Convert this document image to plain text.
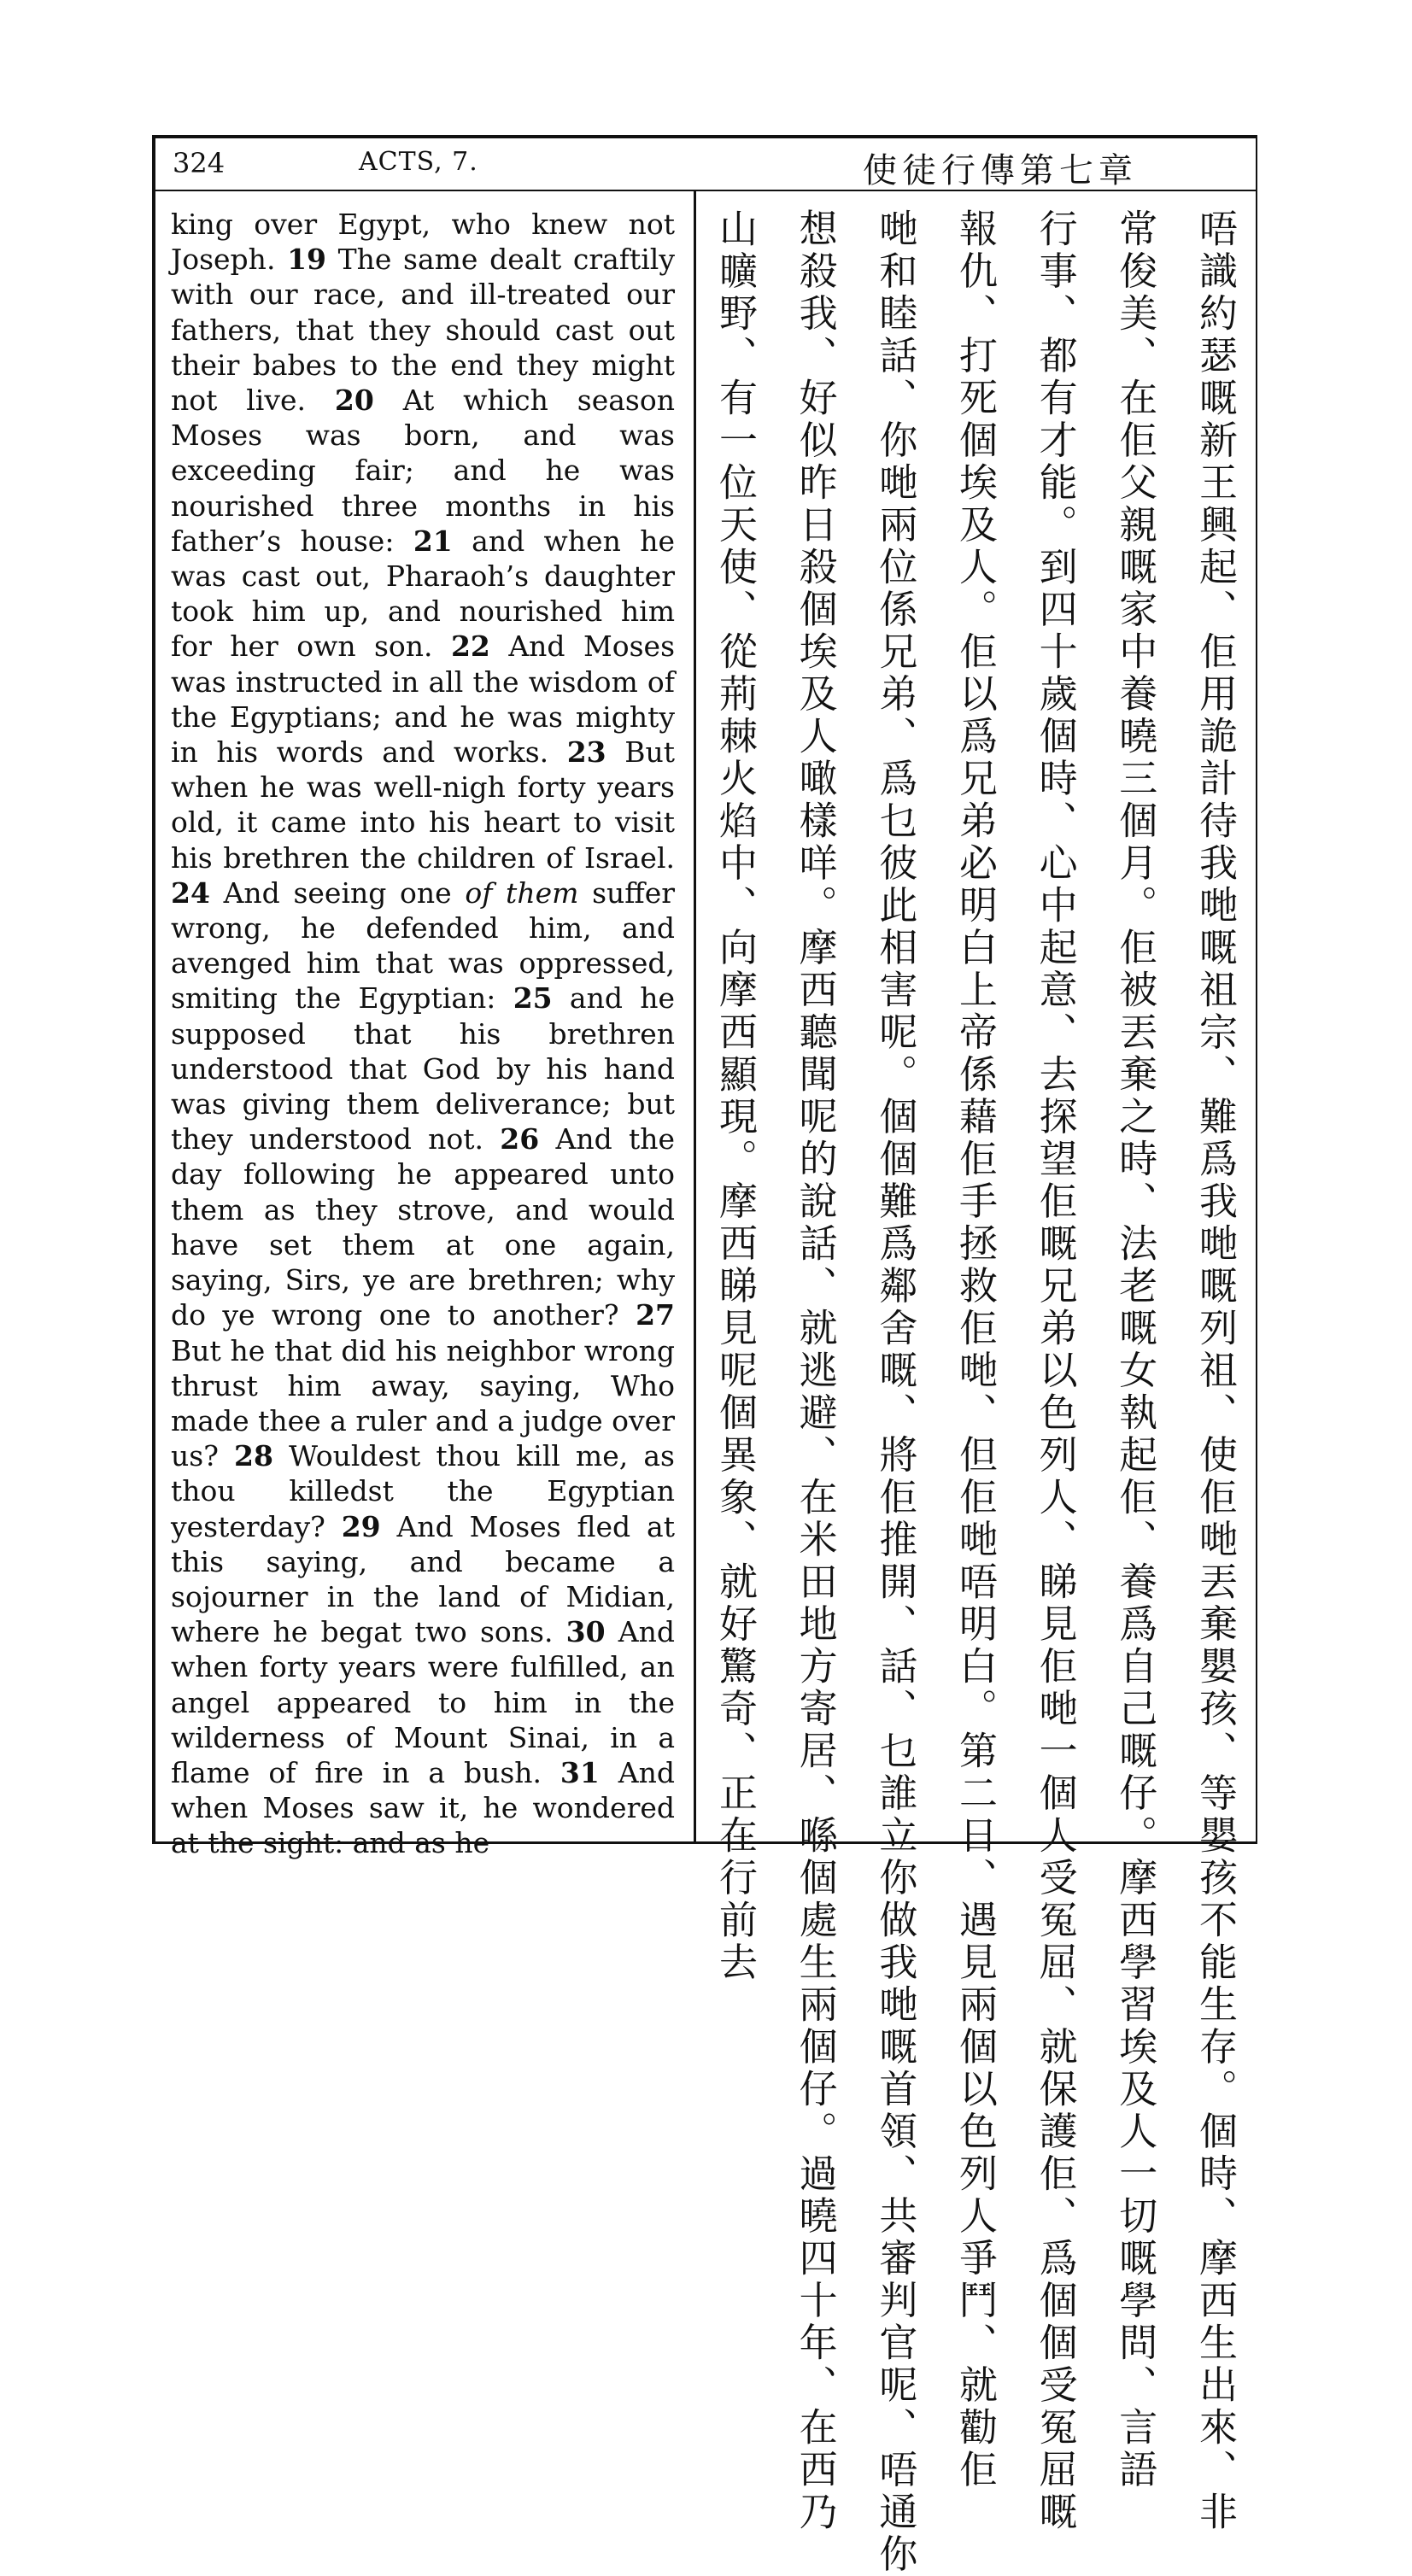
324	ACTS, 7.	使徒行傳第七章
king over Egypt, who knew not Joseph. 19 The same dealt craftily with our race, and ill-treated our fathers, that they should cast out their babes to the end they might not live. 20 At which season Moses was born, and was exceeding fair; and he was nourished three months in his father’s house: 21 and when he was cast out, Pharaoh’s daughter took him up, and nourished him for her own son. 22 And Moses was instructed in all the wisdom of the Egyptians; and he was mighty in his words and works. 23 But when he was well-nigh forty years old, it came into his heart to visit his brethren the children of Israel. 24 And seeing one of them suffer wrong, he defended him, and avenged him that was oppressed, smiting the Egyptian: 25 and he supposed that his brethren understood that God by his hand was giving them deliverance; but they understood not. 26 And the day following he appeared unto them as they strove, and would have set them at one again, saying, Sirs, ye are brethren; why do ye wrong one to another? 27 But he that did his neighbor wrong thrust him away, saying, Who made thee a ruler and a judge over us? 28 Wouldest thou kill me, as thou killedst the Egyptian yesterday? 29 And Moses fled at this saying, and became a sojourner in the land of Midian, where he begat two sons. 30 And when forty years were fulfilled, an angel appeared to him in the wilderness of Mount Sinai, in a flame of fire in a bush. 31 And when Moses saw it, he wondered at the sight: and as he	唔識約瑟嘅新王興起、佢用詭計待我哋嘅祖宗、難爲我哋嘅列祖、使佢哋丟棄嬰孩、等嬰孩不能生存。個時、摩西生出來、非
常俊美、在佢父親嘅家中養曉三個月。佢被丟棄之時、法老嘅女執起佢、養爲自己嘅仔。摩西學習埃及人一切嘅學問、言語
行事、都有才能。到四十歲個時、心中起意、去探望佢嘅兄弟以色列人、睇見佢哋一個人受冤屈、就保護佢、爲個個受冤屈嘅
報仇、打死個埃及人。佢以爲兄弟必明白上帝係藉佢手拯救佢哋、但佢哋唔明白。第二日、遇見兩個以色列人爭鬥、就勸佢
哋和睦話、你哋兩位係兄弟、爲乜彼此相害呢。個個難爲鄰舍嘅、將佢推開、話、乜誰立你做我哋嘅首領、共審判官呢、唔通你
想殺我、好似昨日殺個埃及人噉樣咩。摩西聽聞呢的說話、就逃避、在米田地方寄居、喺個處生兩個仔。過曉四十年、在西乃
山曠野、有一位天使、從荊棘火焰中、向摩西顯現。摩西睇見呢個異象、就好驚奇、正在行前去
